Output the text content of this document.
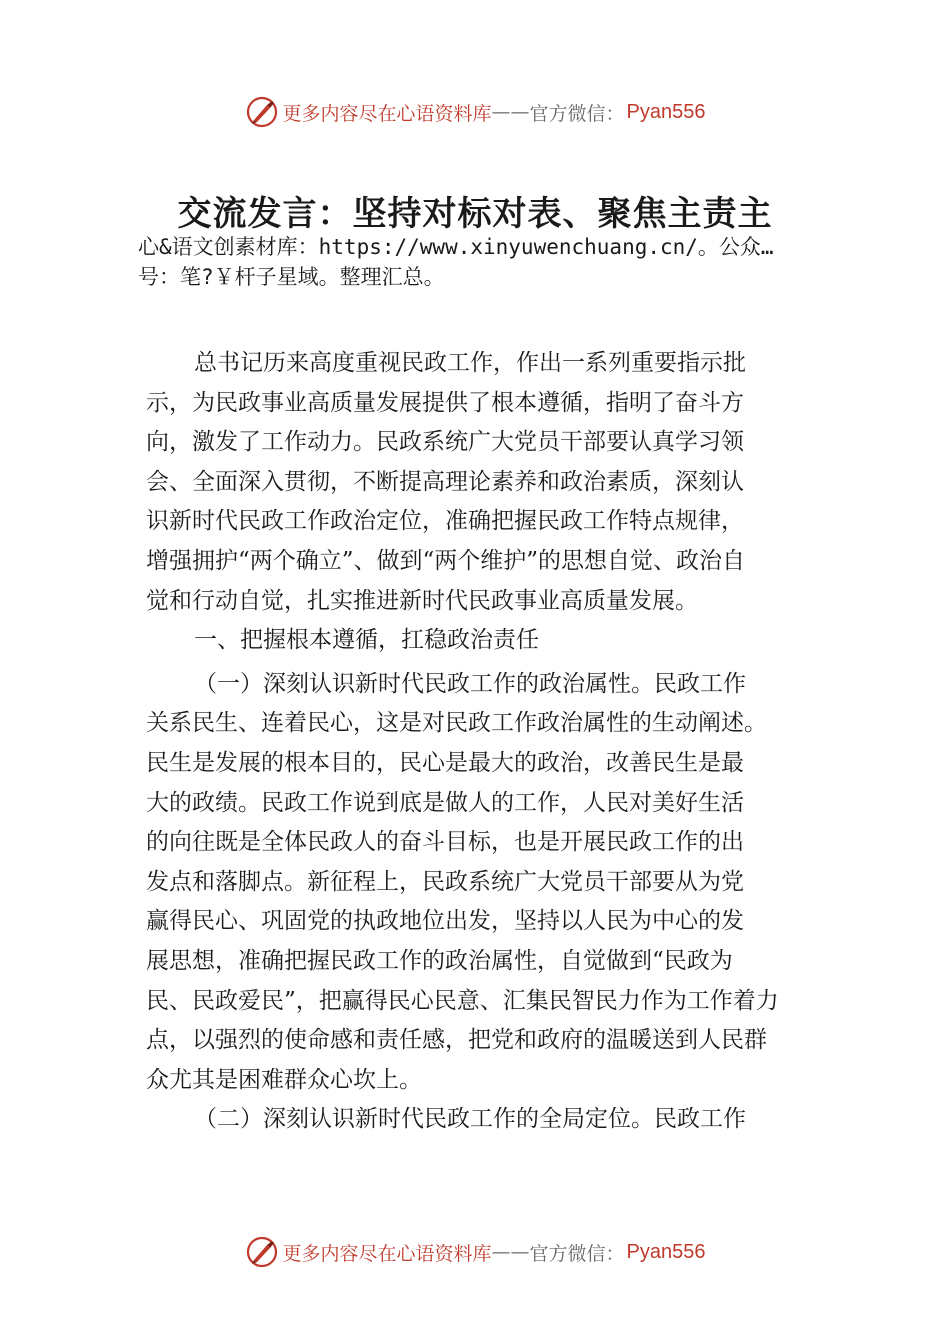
更多内容尽在心语资料库 —— 官方微信： Pyan556
交流发言：坚持对标对表、聚焦主责主
心&语文创素材库：https://www.xinyuwenchuang.cn/。公众…
号：笔?￥杆子星域。整理汇总。
总书记历来高度重视民政工作，作出一系列重要指示批
示，为民政事业高质量发展提供了根本遵循，指明了奋斗方
向，激发了工作动力。民政系统广大党员干部要认真学习领
会、全面深入贯彻，不断提高理论素养和政治素质，深刻认
识新时代民政工作政治定位，准确把握民政工作特点规律，
增强拥护“两个确立”、做到“两个维护”的思想自觉、政治自
觉和行动自觉，扎实推进新时代民政事业高质量发展。
一、把握根本遵循，扛稳政治责任
（一）深刻认识新时代民政工作的政治属性。民政工作
关系民生、连着民心，这是对民政工作政治属性的生动阐述。
民生是发展的根本目的，民心是最大的政治，改善民生是最
大的政绩。民政工作说到底是做人的工作，人民对美好生活
的向往既是全体民政人的奋斗目标，也是开展民政工作的出
发点和落脚点。新征程上，民政系统广大党员干部要从为党
赢得民心、巩固党的执政地位出发，坚持以人民为中心的发
展思想，准确把握民政工作的政治属性，自觉做到“民政为
民、民政爱民”，把赢得民心民意、汇集民智民力作为工作着力
点，以强烈的使命感和责任感，把党和政府的温暖送到人民群
众尤其是困难群众心坎上。
（二）深刻认识新时代民政工作的全局定位。民政工作
更多内容尽在心语资料库 —— 官方微信： Pyan556
